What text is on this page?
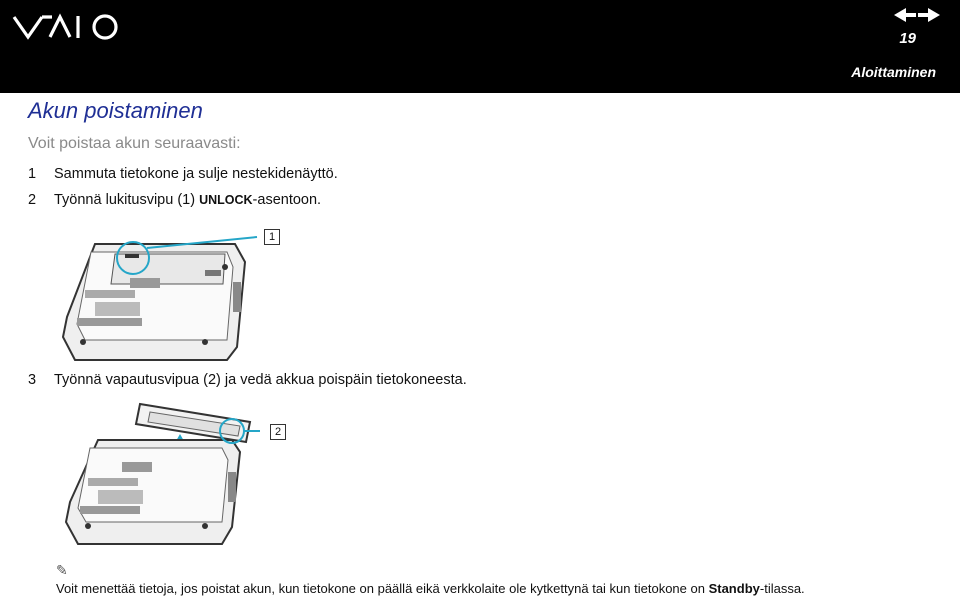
19
Aloittaminen
Akun poistaminen
Voit poistaa akun seuraavasti:
1 Sammuta tietokone ja sulje nestekidenäyttö.
2 Työnnä lukitusvipu (1) UNLOCK-asentoon.
1
3 Työnnä vapautusvipua (2) ja vedä akkua poispäin tietokoneesta.
2
✎
Voit menettää tietoja, jos poistat akun, kun tietokone on päällä eikä verkkolaite ole kytkettynä tai kun tietokone on Standby-tilassa.
